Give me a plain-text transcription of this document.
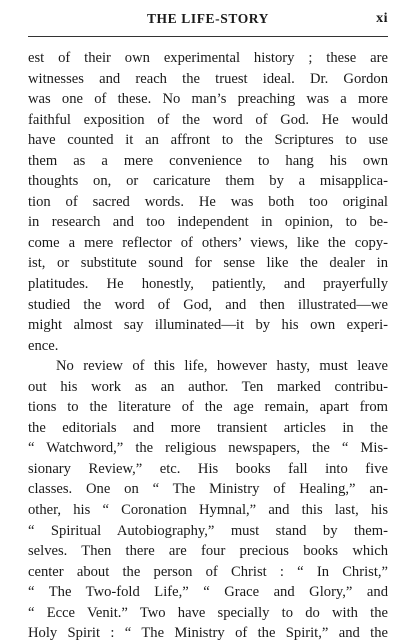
THE LIFE-STORY	xi
est of their own experimental history ; these are
witnesses and reach the truest ideal. Dr. Gordon
was one of these. No man’s preaching was a more
faithful exposition of the word of God. He would
have counted it an affront to the Scriptures to use
them as a mere convenience to hang his own
thoughts on, or caricature them by a misapplica-
tion of sacred words. He was both too original
in research and too independent in opinion, to be-
come a mere reflector of others’ views, like the copy-
ist, or substitute sound for sense like the dealer in
platitudes. He honestly, patiently, and prayerfully
studied the word of God, and then illustrated—we
might almost say illuminated—it by his own experi-
ence.
No review of this life, however hasty, must leave
out his work as an author. Ten marked contribu-
tions to the literature of the age remain, apart from
the editorials and more transient articles in the
“ Watchword,” the religious newspapers, the “ Mis-
sionary Review,” etc. His books fall into five
classes. One on “ The Ministry of Healing,” an-
other, his “ Coronation Hymnal,” and this last, his
“ Spiritual Autobiography,” must stand by them-
selves. Then there are four precious books which
center about the person of Christ : “ In Christ,”
“ The Two-fold Life,” “ Grace and Glory,” and
“ Ecce Venit.” Two have specially to do with the
Holy Spirit : “ The Ministry of the Spirit,” and the
